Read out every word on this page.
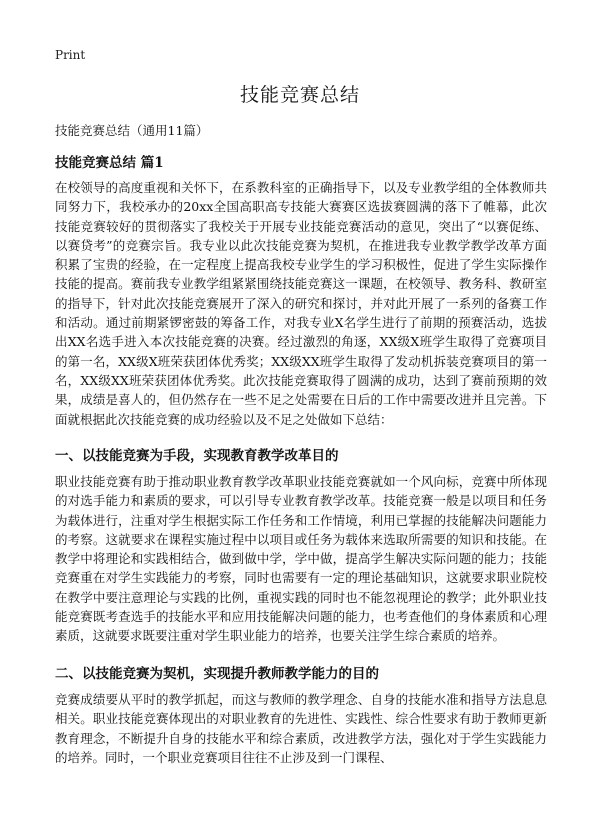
Print
技能竞赛总结
技能竞赛总结（通用11篇）
技能竞赛总结 篇1

在校领导的高度重视和关怀下，在系教科室的正确指导下，以及专业教学组的全体教师共同努力下，我校承办的20xx全国高职高专技能大赛赛区选拔赛圆满的落下了帷幕，此次技能竞赛较好的贯彻落实了我校关于开展专业技能竞赛活动的意见，突出了“以赛促练、以赛贷考”的竞赛宗旨。我专业以此次技能竞赛为契机，在推进我专业教学教学改革方面积累了宝贵的经验，在一定程度上提高我校专业学生的学习积极性，促进了学生实际操作技能的提高。赛前我专业教学组紧紧围绕技能竞赛这一课题，在校领导、教务科、教研室的指导下，针对此次技能竞赛展开了深入的研究和探讨，并对此开展了一系列的备赛工作和活动。通过前期紧锣密鼓的筹备工作，对我专业X名学生进行了前期的预赛活动，选拔出XX名选手进入本次技能竞赛的决赛。经过激烈的角逐，XX级X班学生取得了竞赛项目的第一名，XX级X班荣获团体优秀奖；XX级XX班学生取得了发动机拆装竞赛项目的第一名，XX级XX班荣获团体优秀奖。此次技能竞赛取得了圆满的成功，达到了赛前预期的效果，成绩是喜人的，但仍然存在一些不足之处需要在日后的工作中需要改进并且完善。下面就根据此次技能竞赛的成功经验以及不足之处做如下总结：

一、以技能竞赛为手段，实现教育教学改革目的

职业技能竞赛有助于推动职业教育教学改革职业技能竞赛就如一个风向标，竞赛中所体现的对选手能力和素质的要求，可以引导专业教育教学改革。技能竞赛一般是以项目和任务为载体进行，注重对学生根据实际工作任务和工作情境，利用已掌握的技能解决问题能力的考察。这就要求在课程实施过程中以项目或任务为载体来选取所需要的知识和技能。在教学中将理论和实践相结合，做到做中学，学中做，提高学生解决实际问题的能力；技能竞赛重在对学生实践能力的考察，同时也需要有一定的理论基础知识，这就要求职业院校在教学中要注意理论与实践的比例，重视实践的同时也不能忽视理论的教学；此外职业技能竞赛既考查选手的技能水平和应用技能解决问题的能力，也考查他们的身体素质和心理素质，这就要求既要注重对学生职业能力的培养，也要关注学生综合素质的培养。

二、以技能竞赛为契机，实现提升教师教学能力的目的

竞赛成绩要从平时的教学抓起，而这与教师的教学理念、自身的技能水准和指导方法息息相关。职业技能竞赛体现出的对职业教育的先进性、实践性、综合性要求有助于教师更新教育理念，不断提升自身的技能水平和综合素质，改进教学方法，强化对于学生实践能力的培养。同时，一个职业竞赛项目往往不止涉及到一门课程、
